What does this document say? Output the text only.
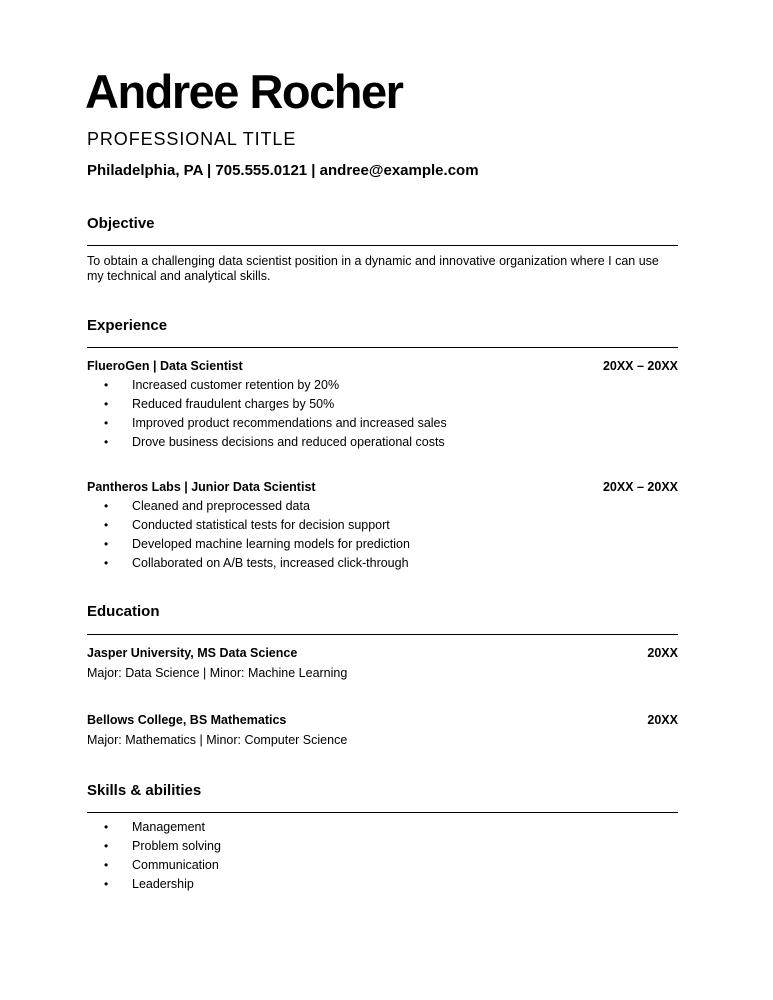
Andree Rocher
PROFESSIONAL TITLE
Philadelphia, PA | 705.555.0121 | andree@example.com
Objective
To obtain a challenging data scientist position in a dynamic and innovative organization where I can use my technical and analytical skills.
Experience
FlueroGen | Data Scientist	20XX – 20XX
• Increased customer retention by 20%
• Reduced fraudulent charges by 50%
• Improved product recommendations and increased sales
• Drove business decisions and reduced operational costs
Pantheros Labs | Junior Data Scientist	20XX – 20XX
• Cleaned and preprocessed data
• Conducted statistical tests for decision support
• Developed machine learning models for prediction
• Collaborated on A/B tests, increased click-through
Education
Jasper University, MS Data Science	20XX
Major: Data Science | Minor: Machine Learning
Bellows College, BS Mathematics	20XX
Major: Mathematics | Minor: Computer Science
Skills & abilities
• Management
• Problem solving
• Communication
• Leadership
